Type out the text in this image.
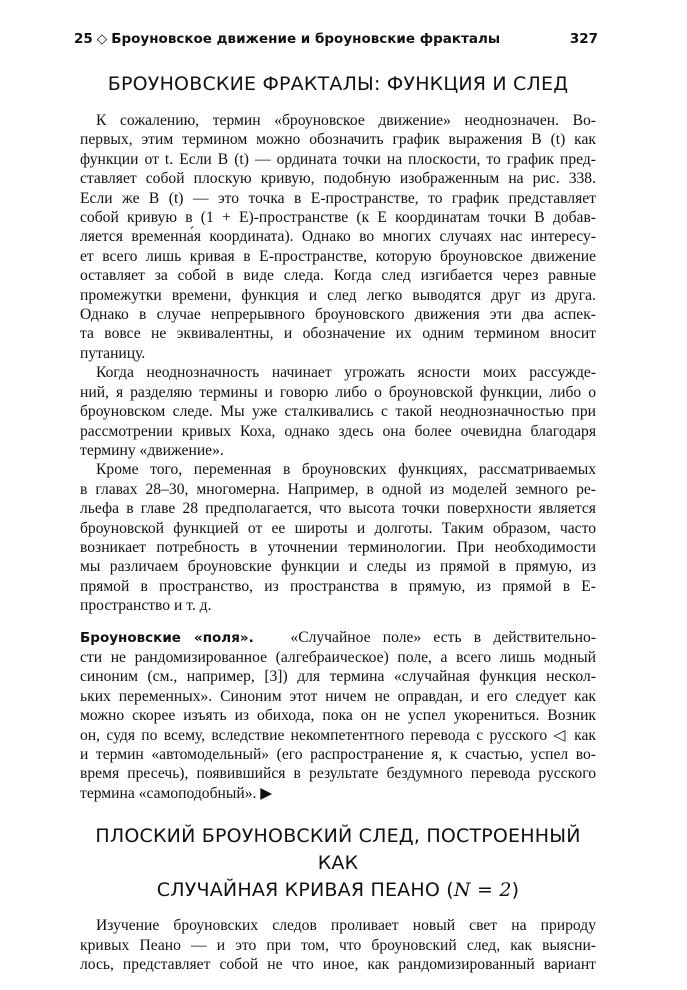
25 ◇ Броуновское движение и броуновские фракталы	327
БРОУНОВСКИЕ ФРАКТАЛЫ: ФУНКЦИЯ И СЛЕД
К сожалению, термин «броуновское движение» неоднозначен. Во-
первых, этим термином можно обозначить график выражения B (t) как
функции от t. Если B (t) — ордината точки на плоскости, то график пред-
ставляет собой плоскую кривую, подобную изображенным на рис. 338.
Если же B (t) — это точка в E-пространстве, то график представляет
собой кривую в (1 + E)-пространстве (к E координатам точки B добав-
ляется временна́я координата). Однако во многих случаях нас интересу-
ет всего лишь кривая в E-пространстве, которую броуновское движение
оставляет за собой в виде следа. Когда след изгибается через равные
промежутки времени, функция и след легко выводятся друг из друга.
Однако в случае непрерывного броуновского движения эти два аспек-
та вовсе не эквивалентны, и обозначение их одним термином вносит
путаницу.
Когда неоднозначность начинает угрожать ясности моих рассужде-
ний, я разделяю термины и говорю либо о броуновской функции, либо о
броуновском следе. Мы уже сталкивались с такой неоднозначностью при
рассмотрении кривых Коха, однако здесь она более очевидна благодаря
термину «движение».
Кроме того, переменная в броуновских функциях, рассматриваемых
в главах 28–30, многомерна. Например, в одной из моделей земного ре-
льефа в главе 28 предполагается, что высота точки поверхности является
броуновской функцией от ее широты и долготы. Таким образом, часто
возникает потребность в уточнении терминологии. При необходимости
мы различаем броуновские функции и следы из прямой в прямую, из
прямой в пространство, из пространства в прямую, из прямой в E-
пространство и т. д.
Броуновские «поля». «Случайное поле» есть в действительно-
сти не рандомизированное (алгебраическое) поле, а всего лишь модный
синоним (см., например, [3]) для термина «случайная функция нескол-
ьких переменных». Синоним этот ничем не оправдан, и его следует как
можно скорее изъять из обихода, пока он не успел укорениться. Возник
он, судя по всему, вследствие некомпетентного перевода с русского ◁ как
и термин «автомодельный» (его распространение я, к счастью, успел во-
время пресечь), появившийся в результате бездумного перевода русского
термина «самоподобный». ▶
ПЛОСКИЙ БРОУНОВСКИЙ СЛЕД, ПОСТРОЕННЫЙ КАК
СЛУЧАЙНАЯ КРИВАЯ ПЕАНО (N = 2)
Изучение броуновских следов проливает новый свет на природу
кривых Пеано — и это при том, что броуновский след, как выясни-
лось, представляет собой не что иное, как рандомизированный вариант
